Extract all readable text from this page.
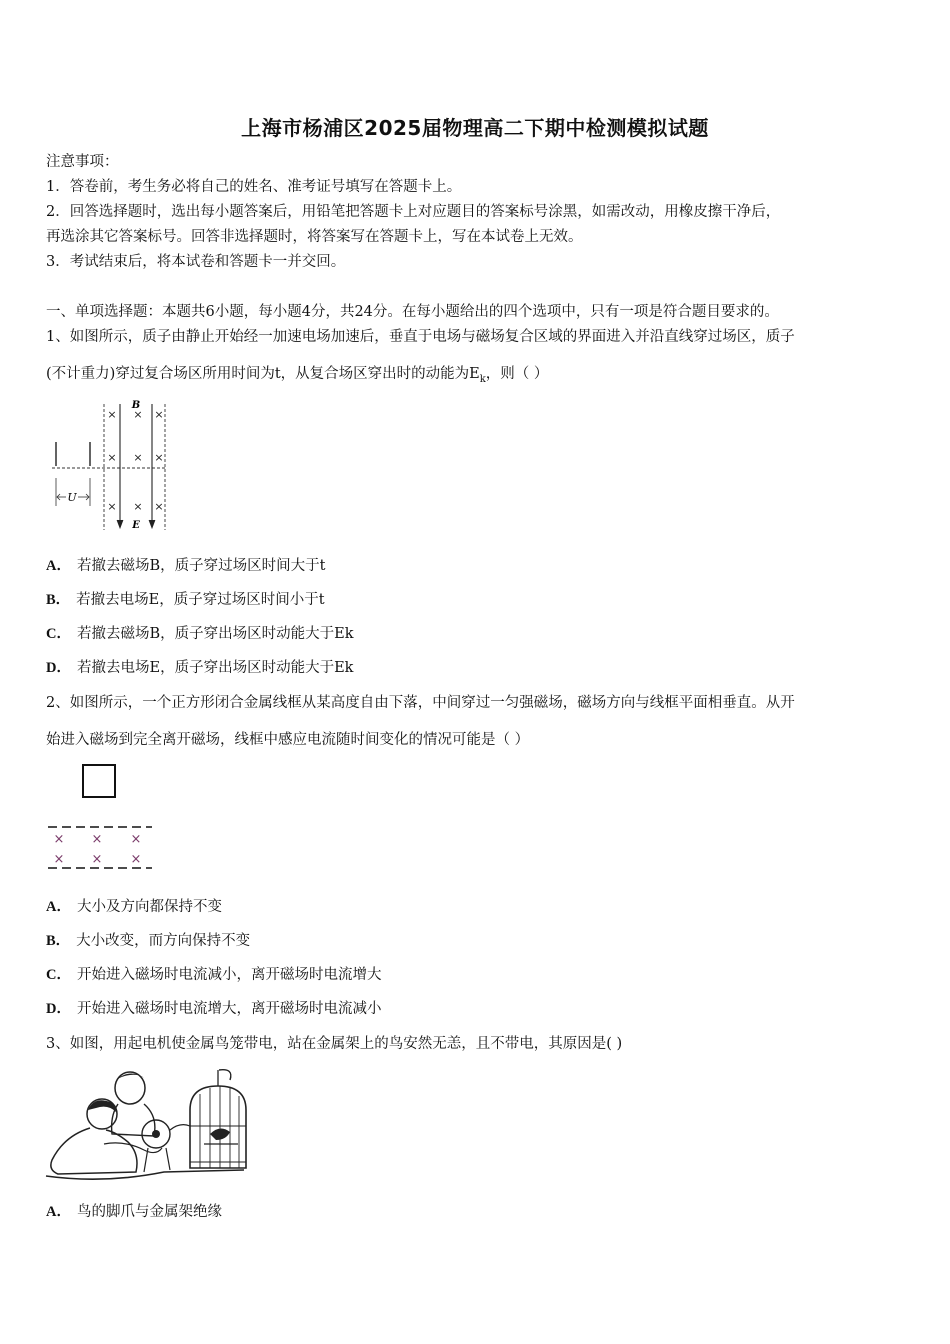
上海市杨浦区2025届物理高二下期中检测模拟试题
注意事项：
1．答卷前，考生务必将自己的姓名、准考证号填写在答题卡上。
2．回答选择题时，选出每小题答案后，用铅笔把答题卡上对应题目的答案标号涂黑，如需改动，用橡皮擦干净后，
再选涂其它答案标号。回答非选择题时，将答案写在答题卡上，写在本试卷上无效。
3．考试结束后，将本试卷和答题卡一并交回。
一、单项选择题：本题共6小题，每小题4分，共24分。在每小题给出的四个选项中，只有一项是符合题目要求的。
1、如图所示，质子由静止开始经一加速电场加速后，垂直于电场与磁场复合区域的界面进入并沿直线穿过场区，质子
(不计重力)穿过复合场区所用时间为t，从复合场区穿出时的动能为$E_k$，则（ ）
U
× × ×
× × ×
× × ×
B
E
A． 若撤去磁场B，质子穿过场区时间大于t
B． 若撤去电场E，质子穿过场区时间小于t
C． 若撤去磁场B，质子穿出场区时动能大于Ek
D． 若撤去电场E，质子穿出场区时动能大于Ek
2、如图所示，一个正方形闭合金属线框从某高度自由下落，中间穿过一匀强磁场，磁场方向与线框平面相垂直。从开
始进入磁场到完全离开磁场，线框中感应电流随时间变化的情况可能是（ ）
× × ×
× × ×
A． 大小及方向都保持不变
B． 大小改变，而方向保持不变
C． 开始进入磁场时电流减小，离开磁场时电流增大
D． 开始进入磁场时电流增大，离开磁场时电流减小
3、如图，用起电机使金属鸟笼带电，站在金属架上的鸟安然无恙，且不带电，其原因是( )
A． 鸟的脚爪与金属架绝缘
